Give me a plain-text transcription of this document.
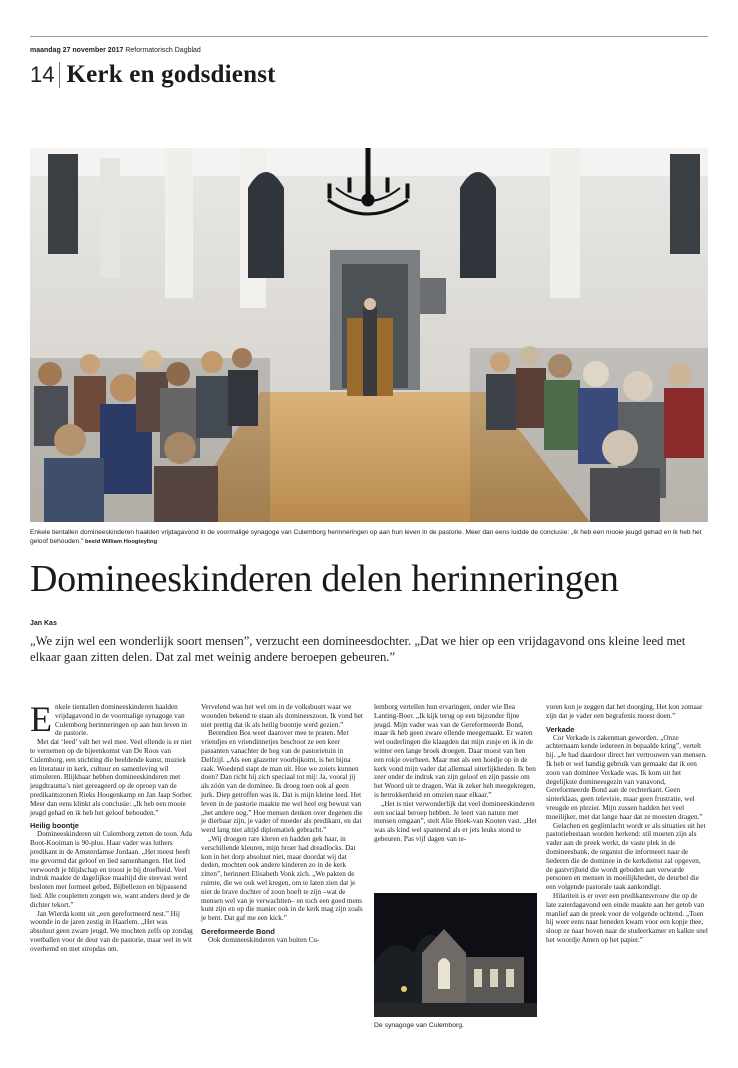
maandag 27 november 2017 Reformatorisch Dagblad
14 Kerk en godsdienst
Enkele tientallen domineeskinderen haalden vrijdagavond in de voormalige synagoge van Culemborg herinneringen op aan hun leven in de pastorie. Meer dan eens luidde de conclusie: „Ik heb een mooie jeugd gehad en ik heb het geloof behouden.” beeld William Hoogteyling
Domineeskinderen delen herinneringen
Jan Kas

„We zijn wel een wonderlijk soort mensen”, verzucht een domineesdochter. „Dat we hier op een vrijdagavond ons kleine leed met elkaar gaan zitten delen. Dat zal met weinig andere beroepen gebeuren.”

Enkele tientallen domineeskinderen haalden vrijdagavond in de voormalige synagoge van Culemborg herinneringen op aan hun leven in de pastorie.

Met dat ‘leed’ valt het wel mee. Veel ellende is er niet te vernemen op de bijeenkomst van De Roos van Culemborg, een stichting die beeldende kunst, muziek en literatuur in kerk, cultuur en samenleving wil stimuleren. Blijkbaar hebben domineeskinderen met jeugdtrauma’s niet gereageerd op de oproep van de predikantszonen Rieks Hoogenkamp en Jan Jaap Sorber. Meer dan eens klinkt als conclusie: „Ik heb een mooie jeugd gehad en ik heb het geloof behouden.”

Heilig boontje

Domineeskinderen uit Culemborg zetten de toon. Ada Boot-Kooiman is 90-plus. Haar vader was luthers predikant in de Amsterdamse Jordaan. „Het meest heeft me gevormd dat geloof en lied samenhangen. Het lied verwoordt je blijdschap en troost je bij droefheid. Veel indruk maakte de dagelijkse maaltijd die steevast werd besloten met formeel gebed, Bijbellezen en bijpassend lied. Alle coupletten zongen we, want anders deed je de dichter tekort.”

Jan Wierda komt uit „een gereformeerd nest.” Hij woonde in de jaren zestig in Haarlem. „Het was absoluut geen zware jeugd. We mochten zelfs op zondag voetballen voor de deur van de pastorie, maar wel in wit overhemd en met stropdas om.

Vervelend was het wel om in de volksbuurt waar we woonden bekend te staan als domineeszoon. Ik vond het niet prettig dat ik als heilig boontje werd gezien.”

Berendien Bos weet daarover mee te praten. Met vriendjes en vriendinnetjes beschoot ze een keer passanten vanachter de heg van de pastorietuin in Delfzijl. „Als een glazetter voorbijkomt, is het bijna raak. Woedend stapt de man uit. Hoe we zoiets kunnen doen? Dan richt hij zich speciaal tot mij: Ja, vooral jij als zóón van de dominee. Ik droeg toen ook al geen jurk. Diep getroffen was ik. Dat is mijn kleine leed. Het leven in de pastorie maakte me wel heel erg bewust van „het andere oog.” Hoe mensen denken over degenen die je dierbaar zijn, je vader of moeder als predikant, en dat werd lang niet altijd diplomatiek gebracht.”

„Wij droegen rare kleren en hadden gek haar, in verschillende kleuren, mijn broer had dreadlocks. Dat kon in het dorp absoluut niet, maar doordat wij dat deden, mochten ook andere kinderen zo in de kerk zitten”, herinnert Elisabeth Vonk zich. „We pakten de ruimte, die we ook wel kregen, om te laten zien dat je niet de brave dochter of zoon hoeft te zijn –wat de mensen wel van je verwachtten– en toch een goed mens kunt zijn en op die manier ook in de kerk mag zijn zoals je bent. Dat gaf me een kick.”

Gereformeerde Bond

Ook domineeskinderen van buiten Cu-

lemborg vertellen hun ervaringen, onder wie Bea Lanting-Boer. „Ik kijk terug op een bijzonder fijne jeugd. Mijn vader was van de Gereformeerde Bond, maar ik heb geen zware ellende meegemaakt. Er waren wel ouderlingen die klaagden dat mijn zusje en ik in de winter een lange broek droegen. Daar moest van hen een rokje overheen. Maar met als een hoedje op in de kerk vond mijn vader dat allemaal uiterlijkheden. Ik ben zeer onder de indruk van zijn geloof en zijn passie om het Woord uit te dragen. Wat ik zeker heb meegekregen, is betrokkenheid en omzien naar elkaar.”

„Het is niet verwonderlijk dat veel domineeskinderen een sociaal beroep hebben. Je leert van nature met mensen omgaan”, stelt Alie Hoek-van Kooten vast. „Het was als kind wel spannend als er jets leuks stond te gebeuren. Pas vijf dagen van te-

De synagoge van Culemborg.

voren kon je zeggen dat het doorging. Het kon zomaar zijn dat je vader een begrafenis moest doen.”

Verkade

Cor Verkade is zakenman geworden. „Onze achternaam kende iedereen in bepaalde kring”, vertelt hij. „Je had daardoor direct het vertrouwen van mensen. Ik heb er wel handig gebruik van gemaakt dat ik een zoon van dominee Verkade was. Ik kom uit het degelijkste domineesgezin van vanavond, Gereformeerde Bond aan de rechterkant. Geen sinterklaas, geen televisie, maar geen frustratie, wel vreugde en plezier. Mijn zussen hadden het veel moeilijker, met dat lange haar dat ze moesten dragen.”

Gelachen en geglimlacht wordt er als situaties uit het pastoriebestaan worden herkend: stil moeten zijn als vader aan de preek werkt, de vaste plek in de domineesbank, de organist die informeert naar de liederen die de dominee in de kerkdienst zal opgeven, de gastvrijheid die wordt geboden aan verwarde personen en mensen in moeilijkheden, de deurbel die een volgende pastorale taak aankondigt.

Hilariteit is er over een predikantsvrouw die op de late zaterdagavond een einde maakte aan het getob van manlief aan de preek voor de volgende ochtend. „Toen hij weer eens naar beneden kwam voor een kopje thee, sloop ze naar boven naar de studeerkamer en kalkte snel het woordje Amen op het papier.”
